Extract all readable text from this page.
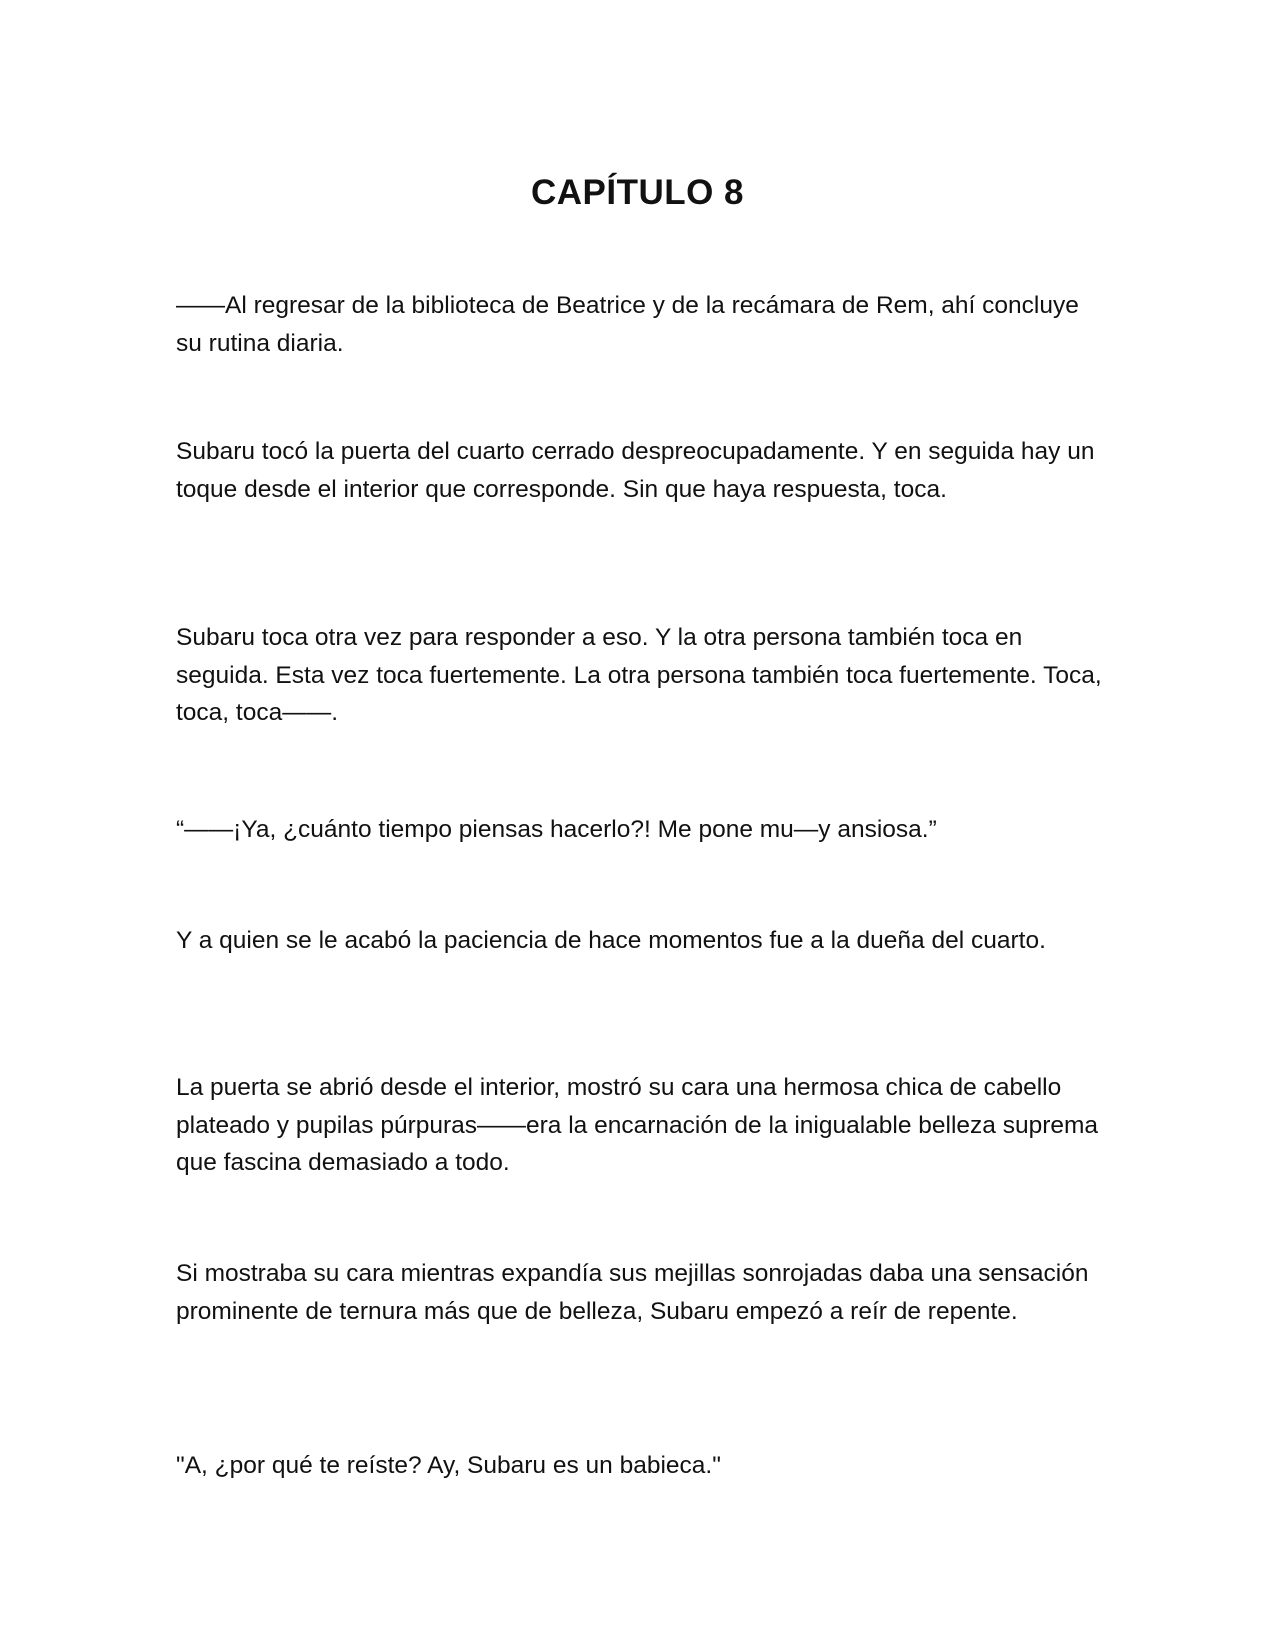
CAPÍTULO 8

——Al regresar de la biblioteca de Beatrice y de la recámara de Rem, ahí concluye su rutina diaria.

Subaru tocó la puerta del cuarto cerrado despreocupadamente. Y en seguida hay un toque desde el interior que corresponde. Sin que haya respuesta, toca.

Subaru toca otra vez para responder a eso. Y la otra persona también toca en seguida. Esta vez toca fuertemente. La otra persona también toca fuertemente. Toca, toca, toca——.

“——¡Ya, ¿cuánto tiempo piensas hacerlo?! Me pone mu—y ansiosa.”

Y a quien se le acabó la paciencia de hace momentos fue a la dueña del cuarto.

La puerta se abrió desde el interior, mostró su cara una hermosa chica de cabello plateado y pupilas púrpuras——era la encarnación de la inigualable belleza suprema que fascina demasiado a todo.

Si mostraba su cara mientras expandía sus mejillas sonrojadas daba una sensación prominente de ternura más que de belleza, Subaru empezó a reír de repente.

"A, ¿por qué te reíste? Ay, Subaru es un babieca."
